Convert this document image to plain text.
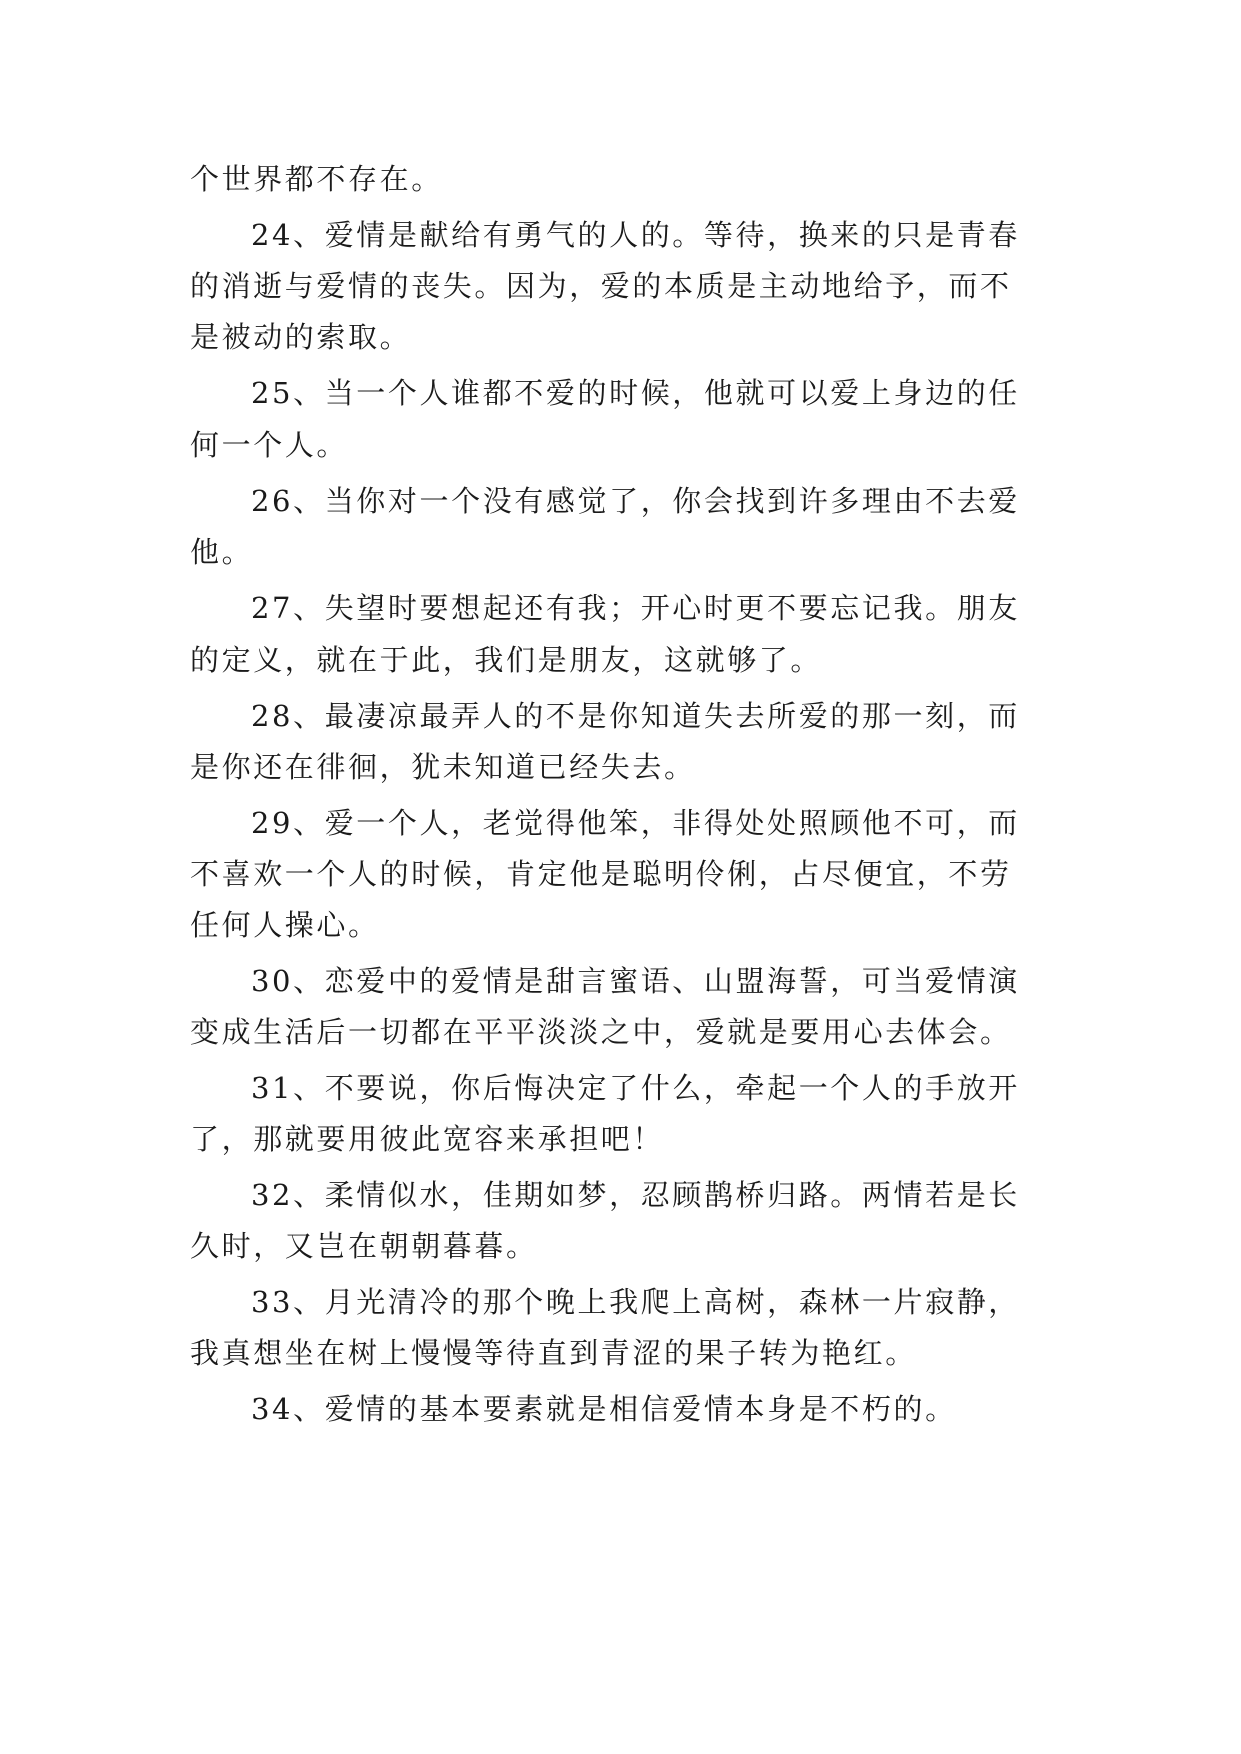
个世界都不存在。
24、爱情是献给有勇气的人的。等待，换来的只是青春
的消逝与爱情的丧失。因为，爱的本质是主动地给予，而不
是被动的索取。
25、当一个人谁都不爱的时候，他就可以爱上身边的任
何一个人。
26、当你对一个没有感觉了，你会找到许多理由不去爱
他。
27、失望时要想起还有我；开心时更不要忘记我。朋友
的定义，就在于此，我们是朋友，这就够了。
28、最凄凉最弄人的不是你知道失去所爱的那一刻，而
是你还在徘徊，犹未知道已经失去。
29、爱一个人，老觉得他笨，非得处处照顾他不可，而
不喜欢一个人的时候，肯定他是聪明伶俐，占尽便宜，不劳
任何人操心。
30、恋爱中的爱情是甜言蜜语、山盟海誓，可当爱情演
变成生活后一切都在平平淡淡之中，爱就是要用心去体会。
31、不要说，你后悔决定了什么，牵起一个人的手放开
了，那就要用彼此宽容来承担吧！
32、柔情似水，佳期如梦，忍顾鹊桥归路。两情若是长
久时，又岂在朝朝暮暮。
33、月光清冷的那个晚上我爬上高树，森林一片寂静，
我真想坐在树上慢慢等待直到青涩的果子转为艳红。
34、爱情的基本要素就是相信爱情本身是不朽的。
